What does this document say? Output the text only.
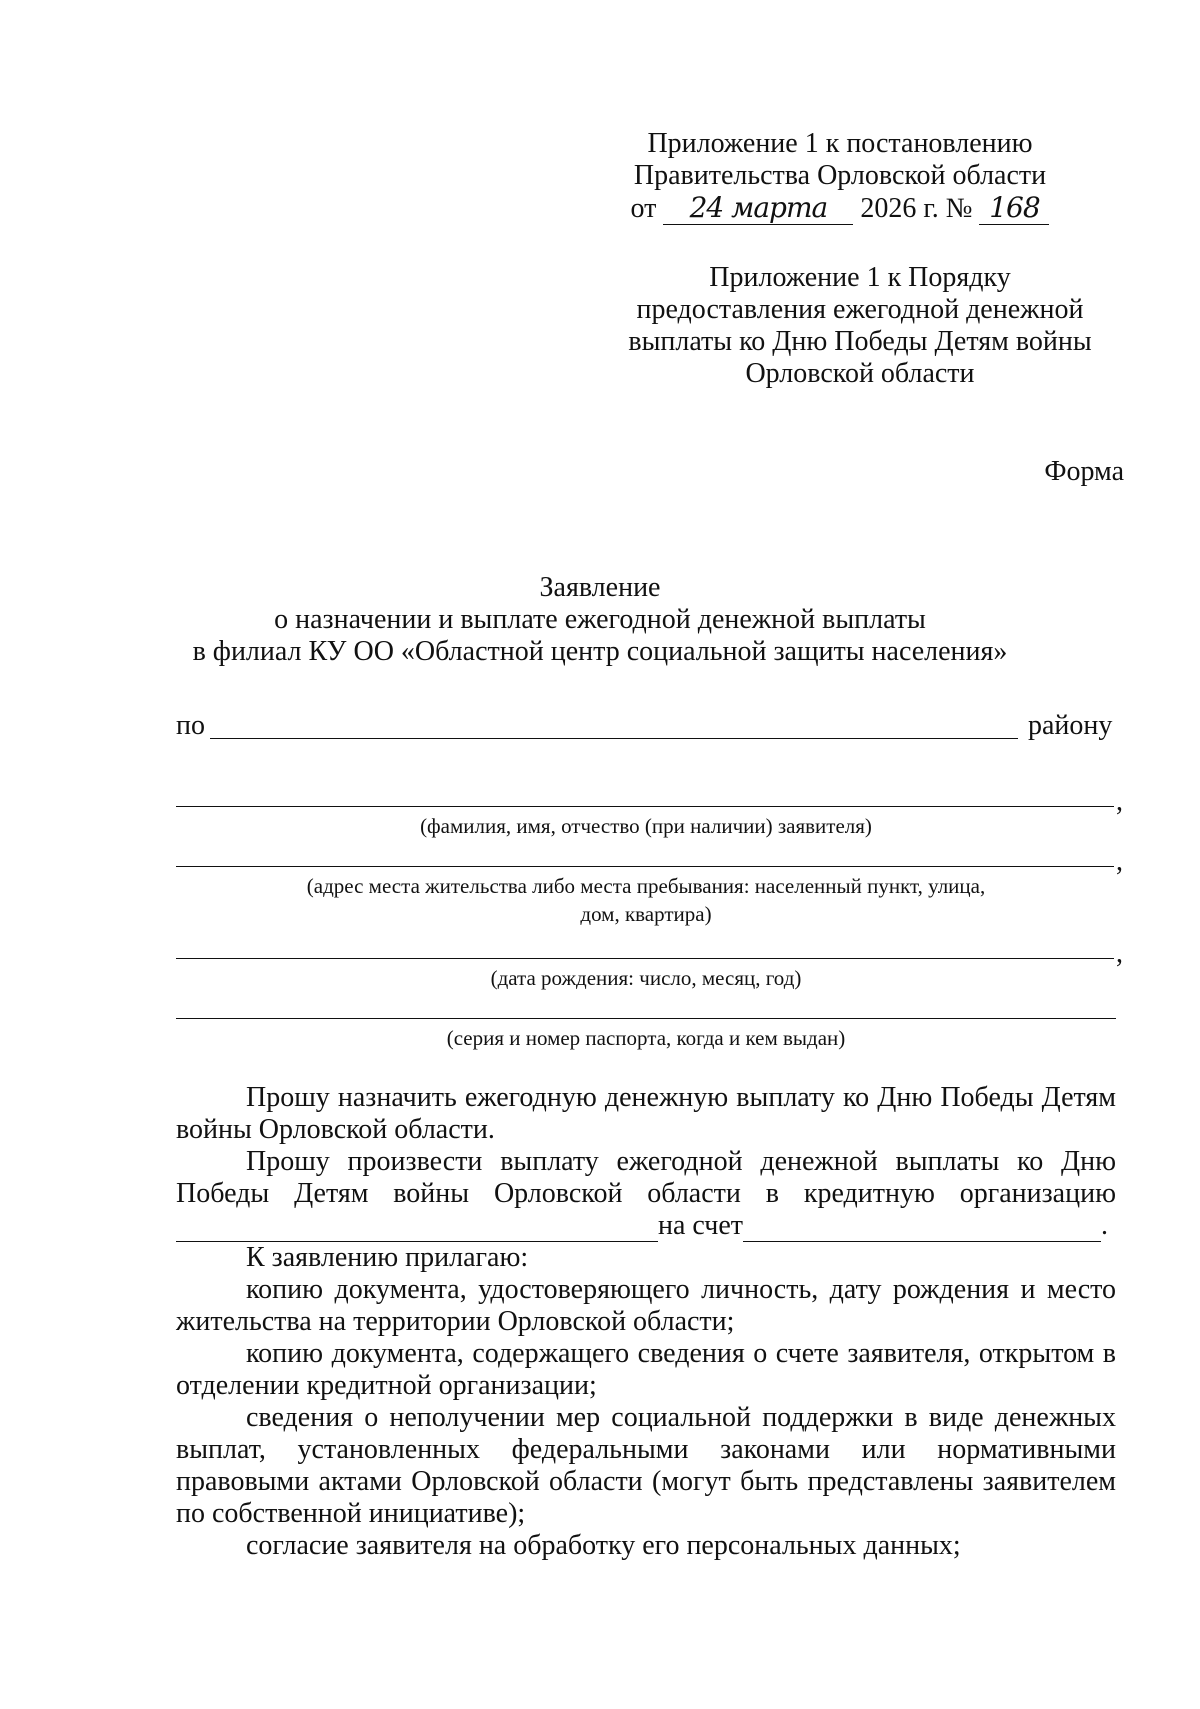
Приложение 1 к постановлению
Правительства Орловской области
от 24 марта 2026 г. № 168
Приложение 1 к Порядку
предоставления ежегодной денежной
выплаты ко Дню Победы Детям войны
Орловской области
Форма
Заявление
о назначении и выплате ежегодной денежной выплаты
в филиал КУ ОО «Областной центр социальной защиты населения»
по	району
,
(фамилия, имя, отчество (при наличии) заявителя)
,
(адрес места жительства либо места пребывания: населенный пункт, улица,
дом, квартира)
,
(дата рождения: число, месяц, год)
(серия и номер паспорта, когда и кем выдан)

Прошу назначить ежегодную денежную выплату ко Дню Победы Детям войны Орловской области.

Прошу произвести выплату ежегодной денежной выплаты ко Дню Победы Детям войны Орловской области в кредитную организацию

на счет	.

К заявлению прилагаю:

копию документа, удостоверяющего личность, дату рождения и место жительства на территории Орловской области;

копию документа, содержащего сведения о счете заявителя, открытом в отделении кредитной организации;

сведения о неполучении мер социальной поддержки в виде денежных выплат, установленных федеральными законами или нормативными правовыми актами Орловской области (могут быть представлены заявителем по собственной инициативе);

согласие заявителя на обработку его персональных данных;
